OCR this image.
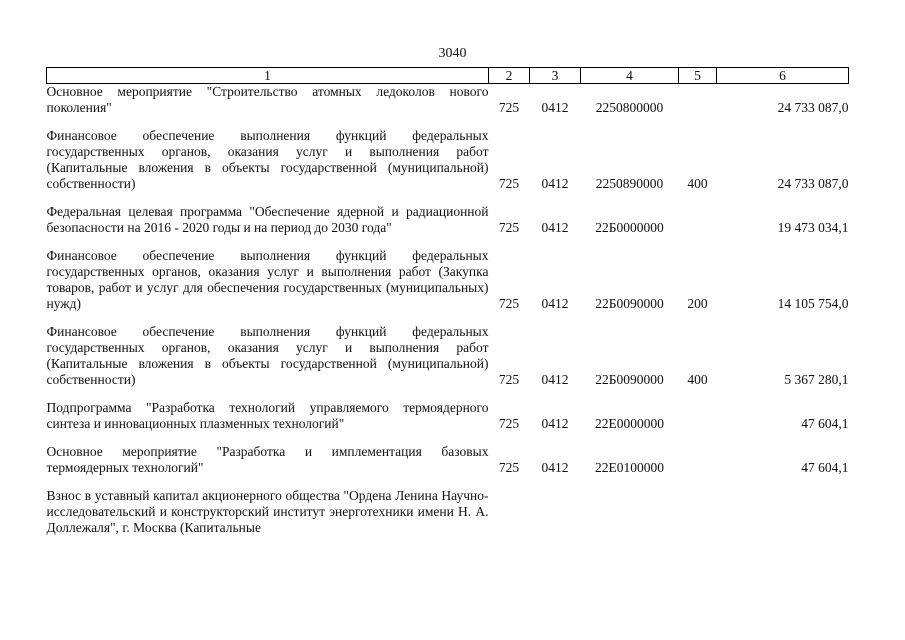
3040
1	2	3	4	5	6
Основное мероприятие "Строительство атомных ледоколов нового поколения"	725	0412	2250800000		24 733 087,0

Финансовое обеспечение выполнения функций федеральных государственных органов, оказания услуг и выполнения работ (Капитальные вложения в объекты государственной (муниципальной) собственности)	725	0412	2250890000	400	24 733 087,0

Федеральная целевая программа "Обеспечение ядерной и радиационной безопасности на 2016 - 2020 годы и на период до 2030 года"	725	0412	22Б0000000		19 473 034,1

Финансовое обеспечение выполнения функций федеральных государственных органов, оказания услуг и выполнения работ (Закупка товаров, работ и услуг для обеспечения государственных (муниципальных) нужд)	725	0412	22Б0090000	200	14 105 754,0

Финансовое обеспечение выполнения функций федеральных государственных органов, оказания услуг и выполнения работ (Капитальные вложения в объекты государственной (муниципальной) собственности)	725	0412	22Б0090000	400	5 367 280,1

Подпрограмма "Разработка технологий управляемого термоядерного синтеза и инновационных плазменных технологий"	725	0412	22Е0000000		47 604,1

Основное мероприятие "Разработка и имплементация базовых термоядерных технологий"	725	0412	22Е0100000		47 604,1

Взнос в уставный капитал акционерного общества "Ордена Ленина Научно-исследовательский и конструкторский институт энерготехники имени Н. А. Доллежаля", г. Москва (Капитальные					
